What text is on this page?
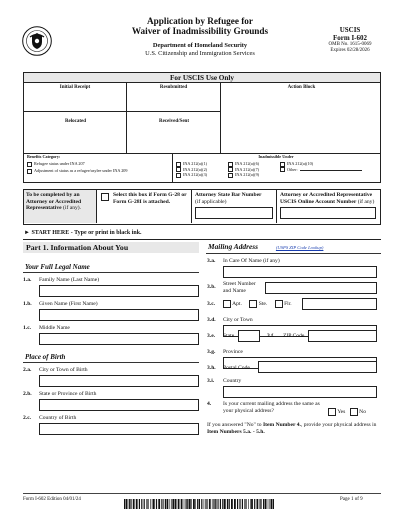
Application by Refugee for
Waiver of Inadmissibility Grounds
Department of Homeland Security
U.S. Citizenship and Immigration Services
USCIS
Form I-602
OMB No. 1615-0069
Expires 02/28/2026
For USCIS Use Only
Initial Receipt
Relocated
Resubmitted
Received/Sent
Action Block
Benefits Category:
Refugee status under INA 207
Adjustment of status as a refugee/asylee under INA 209
Inadmissible Under
INA 212(a)(1)	INA 212(a)(6)	INA 212(a)(10)
INA 212(a)(2)	INA 212(a)(7)	Other:
INA 212(a)(3)	INA 212(a)(9)
To be completed by an Attorney or Accredited Representative (if any).
Select this box if Form G-28 or Form G-28I is attached.
Attorney State Bar Number
(if applicable)
Attorney or Accredited Representative USCIS Online Account Number (if any)
► START HERE - Type or print in black ink.
Part 1. Information About You
Your Full Legal Name
1.a. Family Name (Last Name)
1.b. Given Name (First Name)
1.c. Middle Name
Place of Birth
2.a. City or Town of Birth
2.b. State or Province of Birth
2.c. Country of Birth
Mailing Address	(USPS ZIP Code Lookup)
3.a. In Care Of Name (if any)
3.b. Street Number and Name
3.c.	Apt.	Ste.	Flr.
3.d. City or Town
3.e. State	3.f. ZIP Code
3.g. Province
3.h. Postal Code
3.i. Country
4. Is your current mailing address the same as your physical address?	Yes No
If you answered "No" to Item Number 4., provide your physical address in Item Numbers 5.a. - 5.h.
Form I-602 Edition 04/01/24	Page 1 of 9
